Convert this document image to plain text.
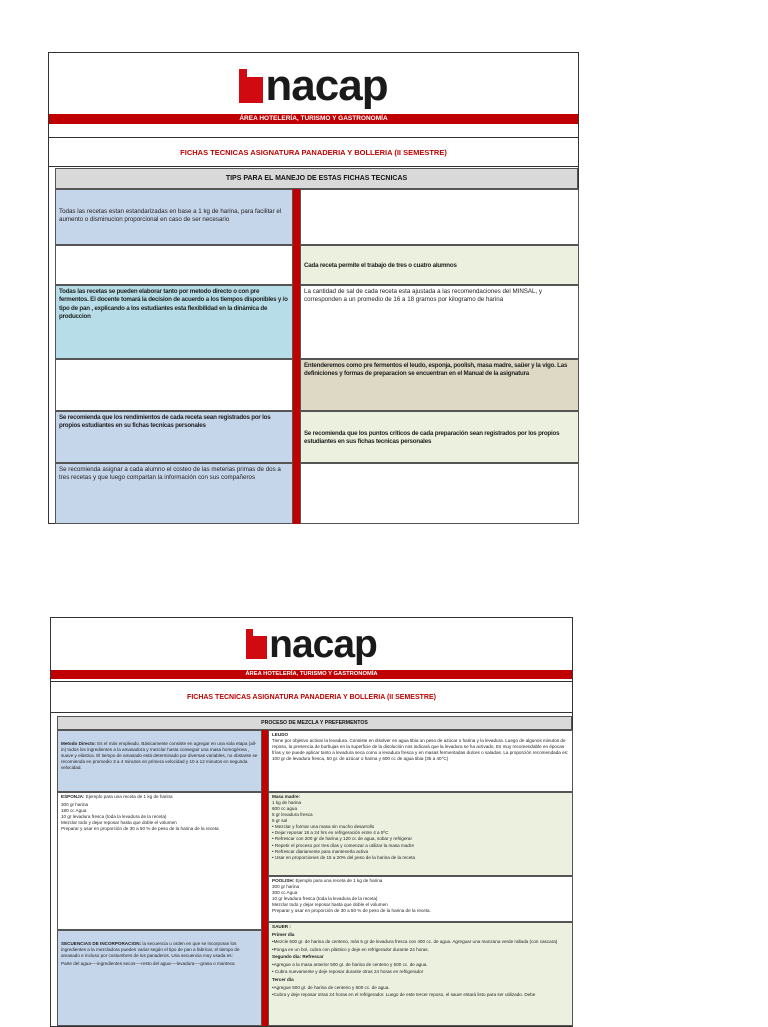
nacap
ÁREA HOTELERÍA, TURISMO Y GASTRONOMÍA
FICHAS TECNICAS ASIGNATURA PANADERIA Y BOLLERIA (II SEMESTRE)
TIPS PARA EL MANEJO DE ESTAS FICHAS TECNICAS
Todas las recetas estan estandarizadas en base a 1 kg de harina, para facilitar el aumento o disminucion proporcional en caso de ser necesario
Todas las recetas se pueden elaborar tanto por metodo directo o con pre fermentos. El docente tomará la decision de acuerdo a los tiempos disponibles y /o tipo de pan , explicando a los estudiantes esta flexibilidad en la dinámica de produccion
Se recomienda que los rendimientos de cada receta sean registrados por los propios estudiantes en su fichas tecnicas personales
Se recomienda asignar a cada alumno el costeo de las meterias primas de dos a tres recetas y que luego compartan la información con sus compañeros
Cada receta permite el trabajo de tres o cuatro alumnos
La cantidad de sal de cada receta esta ajustada a las recomendaciones del MINSAL, y corresponden a un promedio de 16 a 18 gramos por kilogramo de harina
Entenderemos como pre fermentos el leudo, esponja, poolish, masa madre, saüer y la vigo. Las definiciones y formas de preparacion se encuentran en el Manual de la asignatura
Se recomienda que los puntos criticos de cada preparación sean registrados por los propios estudiantes en sus fichas tecnicas personales
nacap
ÁREA HOTELERÍA, TURISMO Y GASTRONOMÍA
FICHAS TECNICAS ASIGNATURA PANADERIA Y BOLLERIA (II SEMESTRE)
PROCESO DE MEZCLA Y PREFERMENTOS
Metodo Directo: Es el más empleado. Básicamente consiste en agregar en una sola etapa (all-in) todos los ingredientes a la amasadora y mezclar hasta conseguir una masa homogénea , suave y elástica. El tiempo de amasado está determinado por diversas variables, no obstante se recomienda en promedio 3 a 4 minutos en primera velocidad y 10 a 12 minutos en segunda velocidad.

ESPONJA: Ejemplo para una receta de 1 kg de harina

300 gr harina
180 cc Agua
10 gr levadura fresca (toda la levadura de la receta)
Mezclar todo y dejar reposar hasta que doble el volumen
Preparar y usar en proporción de 30 a 50 % de peso de la harina de la receta

SECUENCIAS DE INCORPORACION: la secuencia u orden en que se incorporan los ingredientes a la mezcladora pueden variar según el tipo de pan a fabricar, el tiempo de amasado e incluso por costumbres de los panaderos. Una secuencia muy usada es:

Parte del agua----ingredientes secos----resto del agua----levadura----grasa o manteca
LEUDO
Tiene por objetivo activar la levadura. Consiste en disolver en agua tibia un peso de azúcar o harina y la levadura. Luego de algunos minutos de reposo, la presencia de burbujas en la superficie de la disolución nos indicará que la levadura se ha activado. Es muy recomendable en épocas frías y se puede aplicar tanto a levadura seca como a levadura fresca y en masas fermentadas dulces o saladas. La proporción recomendada es:
100 gr de levadura fresca, 50 gr. de azúcar o harina y 600 cc de agua tibia (35 a 40°C)
Masa madre:
1 kg de harina
600 cc agua
5 gr levadura fresca
5 gr sal
• Mezclar y formar una masa sin mucho desarrollo
• Dejar reposar 18 a 24 hrs en refrigeración entre 4 a 5ºC
• Refrescar con 200 gr de harina y 120 cc de agua, sobar y refrigerar
• Repetir el proceso por tres días y comenzar a utilizar la masa madre
• Refrescar diariamente para mantenerla activa
• Usar en proporciones de 15 a 20% del peso de la harina de la receta
POOLISH: Ejemplo para una receta de 1 kg de harina
300 gr harina
300 cc Agua
10 gr levadura fresca (toda la levadura de la receta)
Mezclar todo y dejar reposar hasta que doble el volumen
Preparar y usar en proporción de 30 a 50 % de peso de la harina de la receta.

SAUER :

Primer día

•Mezcle 500 gr. de harina de centeno, más 5 gr de levadura fresca con 400 cc. de agua. Agreguar una manzana verde rallada (con cascara)

•Ponga en un bol, cubra con plástico y deje en refrigerador durante 24 horas.

Segundo día: Refrescar

•Agregue a la masa anterior 500 gr. de harina de centeno y 500 cc. de agua.

• Cubra nuevamente y deje reposar durante otras 24 horas en refrigerador

Tercer día

•Agregue 500 gr. de harina de centeno y 600 cc. de agua.

•Cubra y deje reposar otras 24 horas en el refrigerador. Luego de este tercer reposo, el sauer estará listo para ser utilizado. Debe
